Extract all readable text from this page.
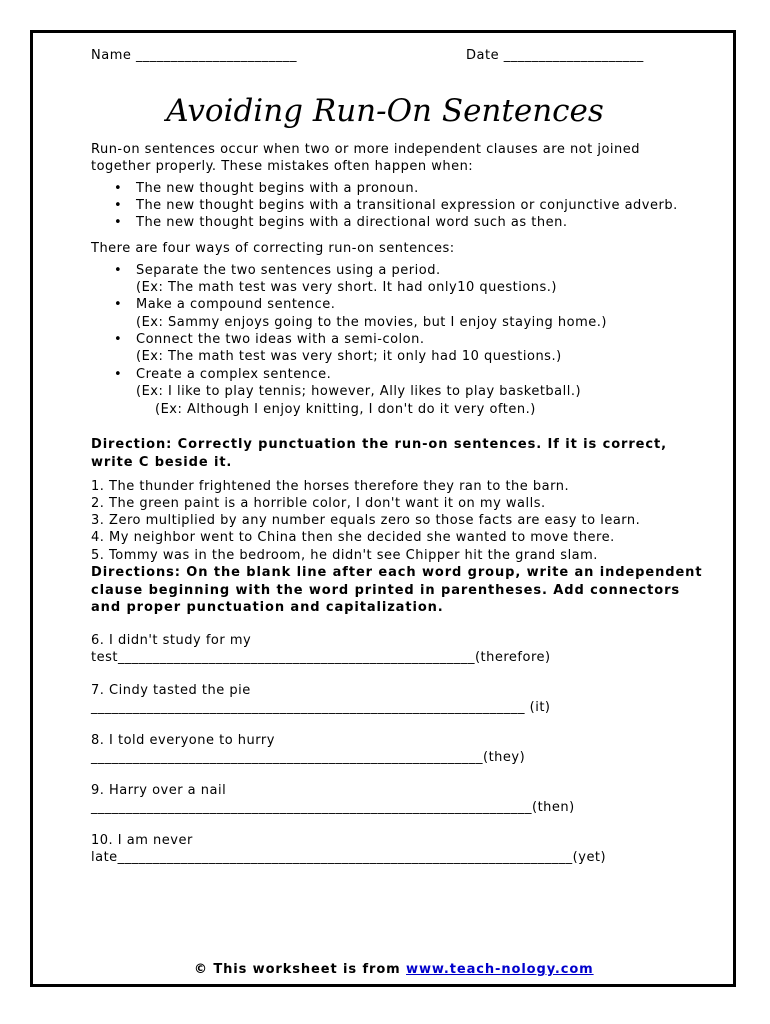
Name _______________________	Date ____________________
Avoiding Run-On Sentences
Run-on sentences occur when two or more independent clauses are not joined
together properly. These mistakes often happen when:
• The new thought begins with a pronoun.
• The new thought begins with a transitional expression or conjunctive adverb.
• The new thought begins with a directional word such as then.
There are four ways of correcting run-on sentences:
• Separate the two sentences using a period.
(Ex: The math test was very short. It had only10 questions.)
• Make a compound sentence.
(Ex: Sammy enjoys going to the movies, but I enjoy staying home.)
• Connect the two ideas with a semi-colon.
(Ex: The math test was very short; it only had 10 questions.)
• Create a complex sentence.
(Ex: I like to play tennis; however, Ally likes to play basketball.)
(Ex: Although I enjoy knitting, I don't do it very often.)
Direction: Correctly punctuation the run-on sentences. If it is correct,
write C beside it.
1. The thunder frightened the horses therefore they ran to the barn.
2. The green paint is a horrible color, I don't want it on my walls.
3. Zero multiplied by any number equals zero so those facts are easy to learn.
4. My neighbor went to China then she decided she wanted to move there.
5. Tommy was in the bedroom, he didn't see Chipper hit the grand slam.
Directions: On the blank line after each word group, write an independent
clause beginning with the word printed in parentheses. Add connectors
and proper punctuation and capitalization.
6. I didn't study for my
test___________________________________________________(therefore)
7. Cindy tasted the pie
______________________________________________________________ (it)
8. I told everyone to hurry
________________________________________________________(they)
9. Harry over a nail
_______________________________________________________________(then)
10. I am never
late_________________________________________________________________(yet)
© This worksheet is from www.teach-nology.com
